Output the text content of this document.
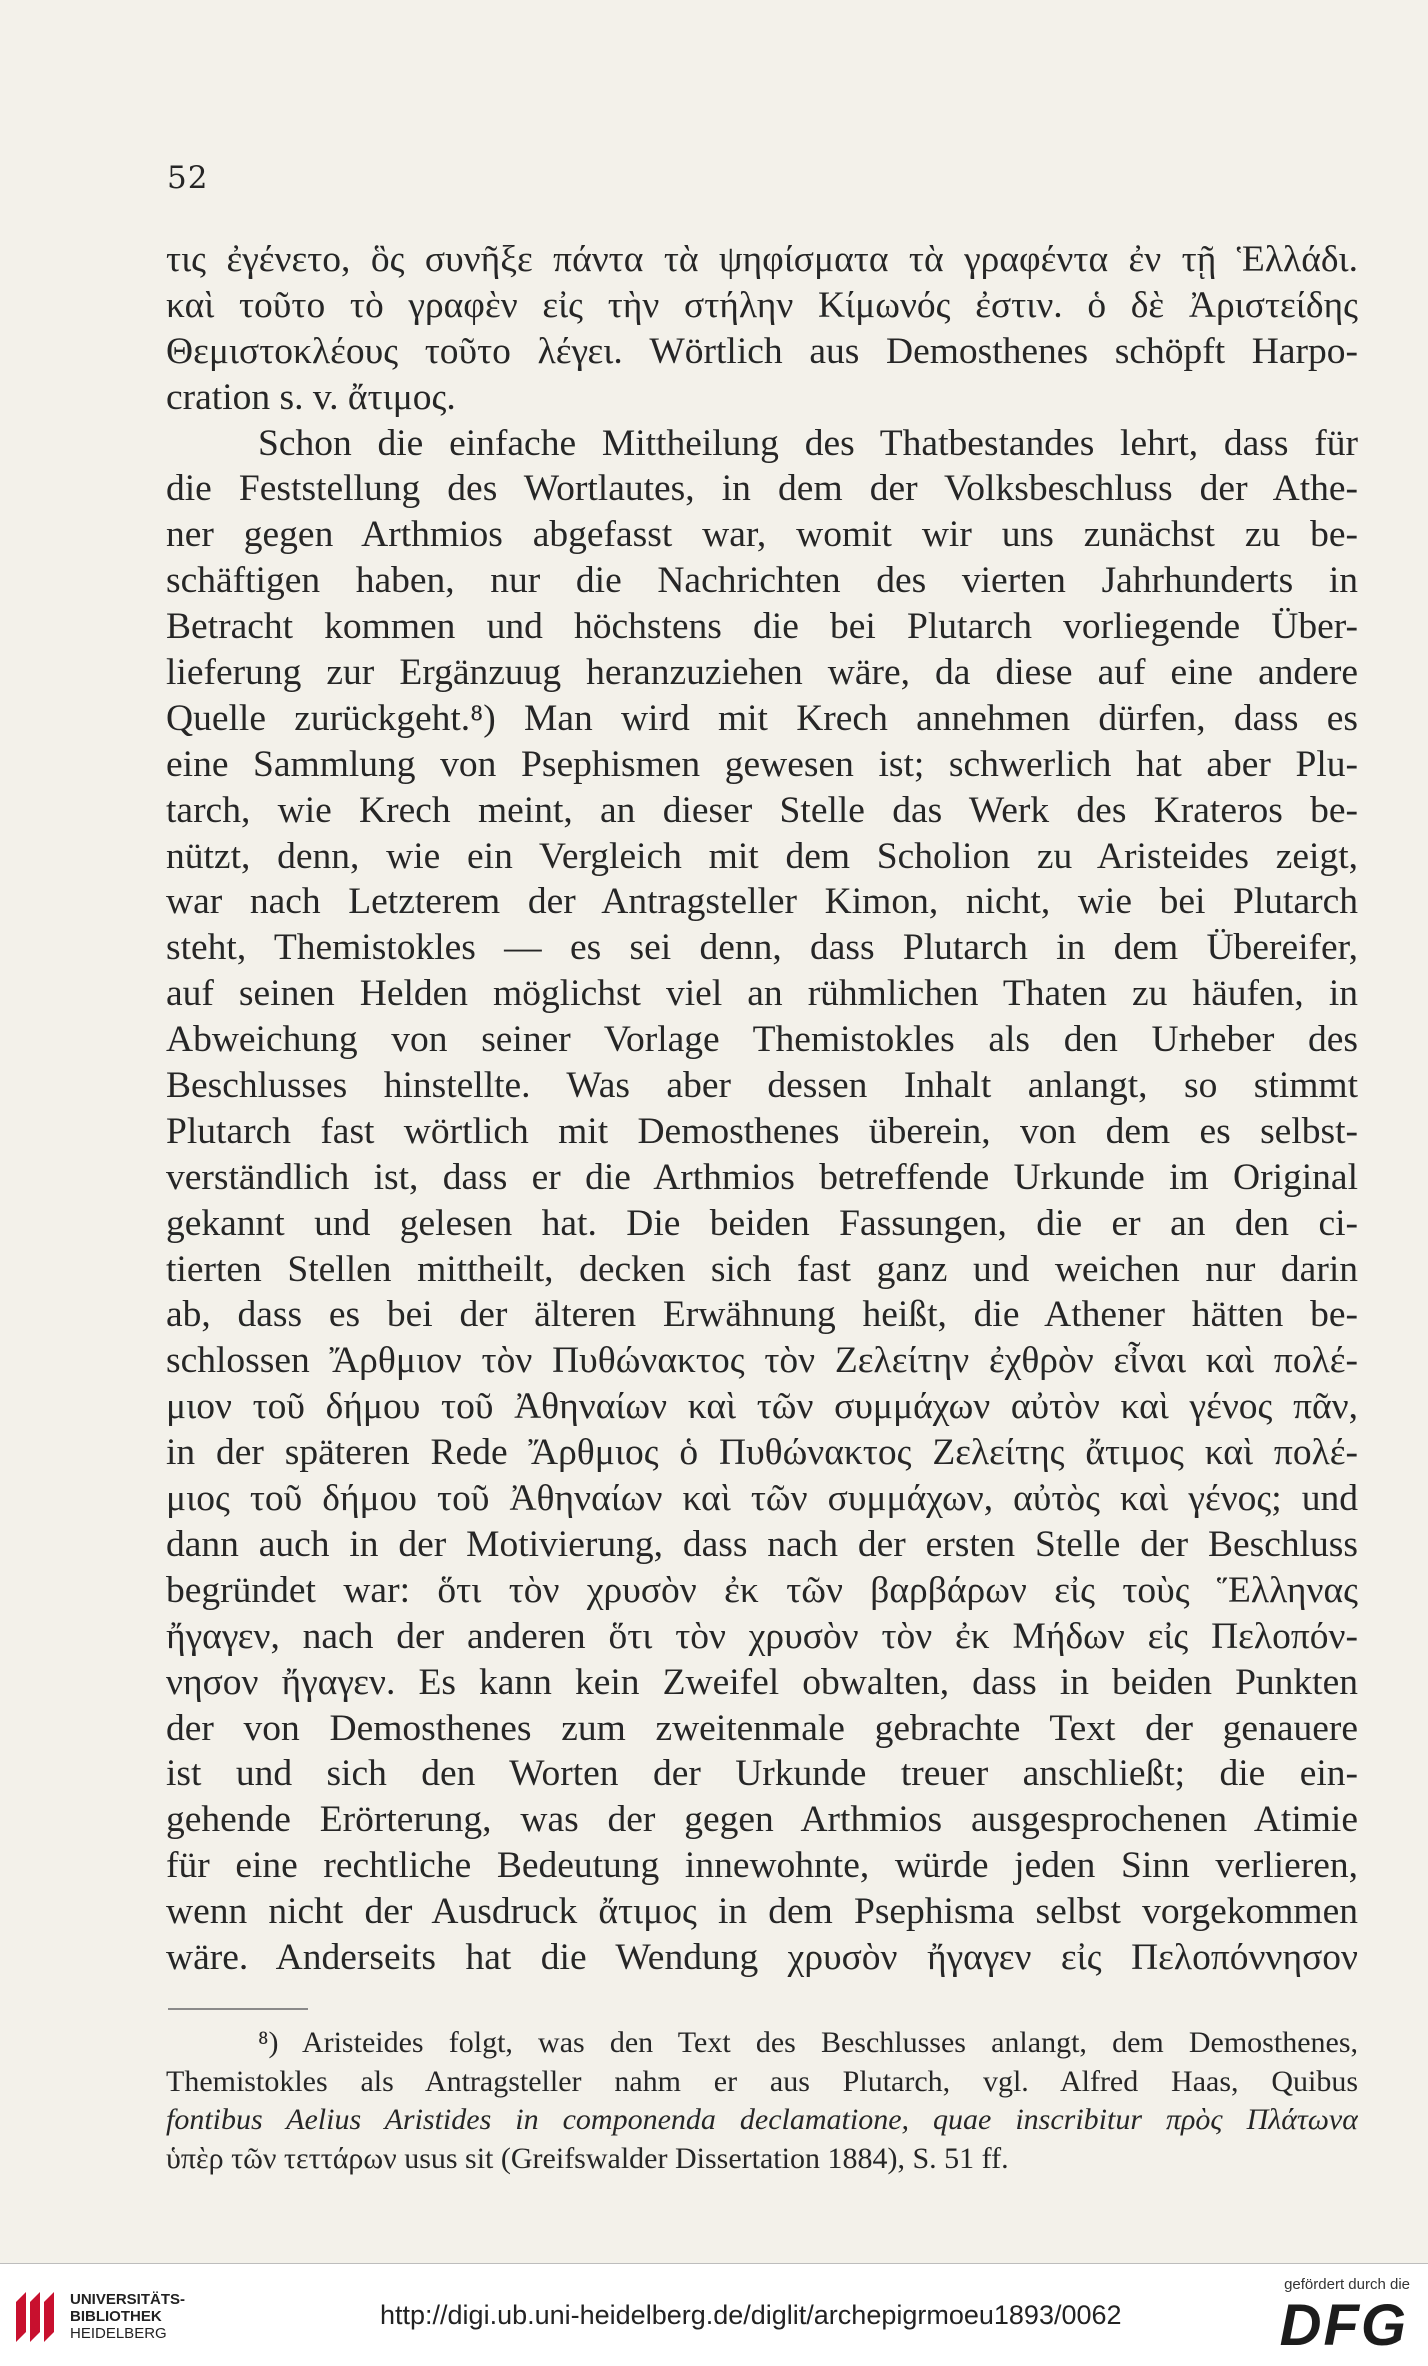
52
τις ἐγένετο, ὃς συνῆξε πάντα τὰ ψηφίσματα τὰ γραφέντα ἐν τῇ Ἑλλάδι.
καὶ τοῦτο τὸ γραφὲν εἰς τὴν στήλην Κίμωνός ἐστιν. ὁ δὲ Ἀριστείδης
Θεμιστοκλέους τοῦτο λέγει. Wörtlich aus Demosthenes schöpft Harpo-
cration s. v. ἄτιμος.
Schon die einfache Mittheilung des Thatbestandes lehrt, dass für
die Feststellung des Wortlautes, in dem der Volksbeschluss der Athe-
ner gegen Arthmios abgefasst war, womit wir uns zunächst zu be-
schäftigen haben, nur die Nachrichten des vierten Jahrhunderts in
Betracht kommen und höchstens die bei Plutarch vorliegende Über-
lieferung zur Ergänzuug heranzuziehen wäre, da diese auf eine andere
Quelle zurückgeht.⁸) Man wird mit Krech annehmen dürfen, dass es
eine Sammlung von Psephismen gewesen ist; schwerlich hat aber Plu-
tarch, wie Krech meint, an dieser Stelle das Werk des Krateros be-
nützt, denn, wie ein Vergleich mit dem Scholion zu Aristeides zeigt,
war nach Letzterem der Antragsteller Kimon, nicht, wie bei Plutarch
steht, Themistokles — es sei denn, dass Plutarch in dem Übereifer,
auf seinen Helden möglichst viel an rühmlichen Thaten zu häufen, in
Abweichung von seiner Vorlage Themistokles als den Urheber des
Beschlusses hinstellte. Was aber dessen Inhalt anlangt, so stimmt
Plutarch fast wörtlich mit Demosthenes überein, von dem es selbst-
verständlich ist, dass er die Arthmios betreffende Urkunde im Original
gekannt und gelesen hat. Die beiden Fassungen, die er an den ci-
tierten Stellen mittheilt, decken sich fast ganz und weichen nur darin
ab, dass es bei der älteren Erwähnung heißt, die Athener hätten be-
schlossen Ἄρθμιον τὸν Πυθώνακτος τὸν Ζελείτην ἐχθρὸν εἶναι καὶ πολέ-
μιον τοῦ δήμου τοῦ Ἀθηναίων καὶ τῶν συμμάχων αὐτὸν καὶ γένος πᾶν,
in der späteren Rede Ἄρθμιος ὁ Πυθώνακτος Ζελείτης ἄτιμος καὶ πολέ-
μιος τοῦ δήμου τοῦ Ἀθηναίων καὶ τῶν συμμάχων, αὐτὸς καὶ γένος; und
dann auch in der Motivierung, dass nach der ersten Stelle der Beschluss
begründet war: ὅτι τὸν χρυσὸν ἐκ τῶν βαρβάρων εἰς τοὺς Ἕλληνας
ἤγαγεν, nach der anderen ὅτι τὸν χρυσὸν τὸν ἐκ Μήδων εἰς Πελοπόν-
νησον ἤγαγεν. Es kann kein Zweifel obwalten, dass in beiden Punkten
der von Demosthenes zum zweitenmale gebrachte Text der genauere
ist und sich den Worten der Urkunde treuer anschließt; die ein-
gehende Erörterung, was der gegen Arthmios ausgesprochenen Atimie
für eine rechtliche Bedeutung innewohnte, würde jeden Sinn verlieren,
wenn nicht der Ausdruck ἄτιμος in dem Psephisma selbst vorgekommen
wäre. Anderseits hat die Wendung χρυσὸν ἤγαγεν εἰς Πελοπόννησον
⁸) Aristeides folgt, was den Text des Beschlusses anlangt, dem Demosthenes,
Themistokles als Antragsteller nahm er aus Plutarch, vgl. Alfred Haas, Quibus
fontibus Aelius Aristides in componenda declamatione, quae inscribitur πρὸς Πλάτωνα
ὑπὲρ τῶν τεττάρων usus sit (Greifswalder Dissertation 1884), S. 51 ff.
UNIVERSITÄTS-
BIBLIOTHEK
HEIDELBERG
http://digi.ub.uni-heidelberg.de/diglit/archepigrmoeu1893/0062
gefördert durch die
DFG
